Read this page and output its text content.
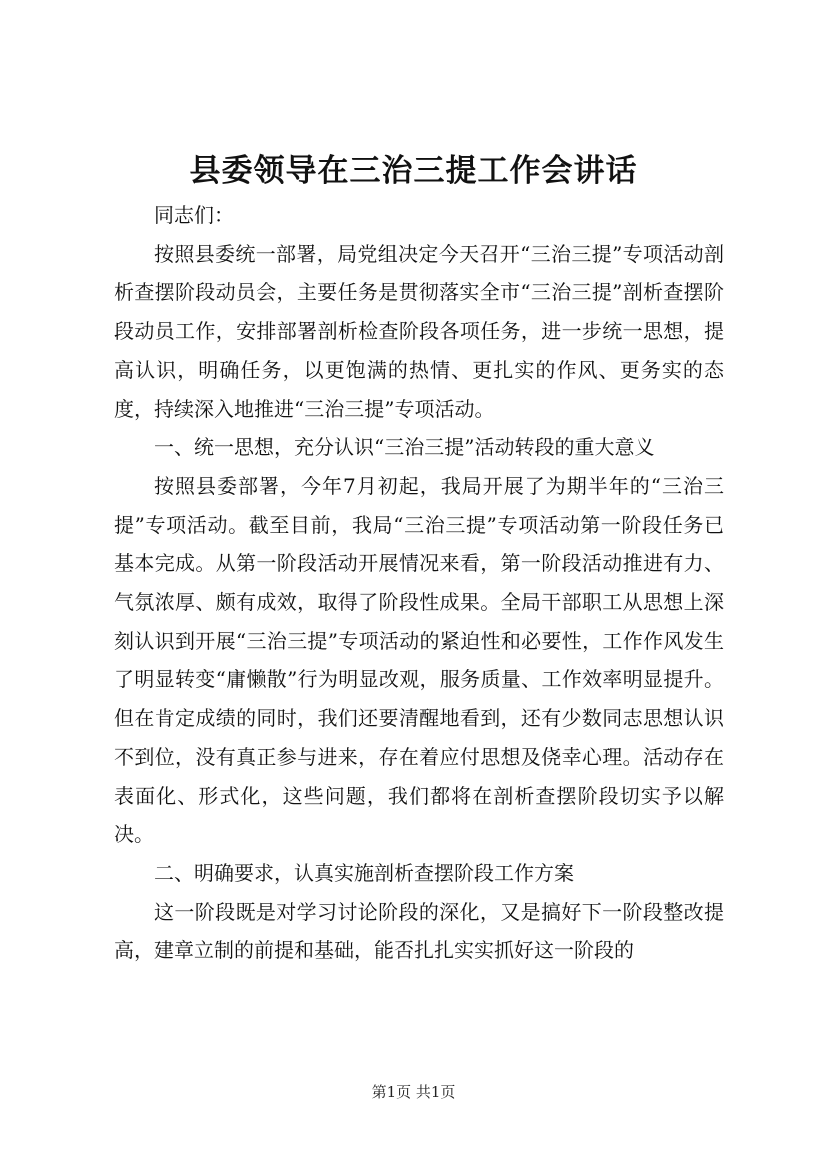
县委领导在三治三提工作会讲话

同志们：

按照县委统一部署，局党组决定今天召开“三治三提”专项活动剖析查摆阶段动员会，主要任务是贯彻落实全市“三治三提”剖析查摆阶段动员工作，安排部署剖析检查阶段各项任务，进一步统一思想，提高认识，明确任务，以更饱满的热情、更扎实的作风、更务实的态度，持续深入地推进“三治三提”专项活动。

一、统一思想，充分认识“三治三提”活动转段的重大意义

按照县委部署，今年7月初起，我局开展了为期半年的“三治三提”专项活动。截至目前，我局“三治三提”专项活动第一阶段任务已基本完成。从第一阶段活动开展情况来看，第一阶段活动推进有力、气氛浓厚、颇有成效，取得了阶段性成果。全局干部职工从思想上深刻认识到开展“三治三提”专项活动的紧迫性和必要性，工作作风发生了明显转变“庸懒散”行为明显改观，服务质量、工作效率明显提升。但在肯定成绩的同时，我们还要清醒地看到，还有少数同志思想认识不到位，没有真正参与进来，存在着应付思想及侥幸心理。活动存在表面化、形式化，这些问题，我们都将在剖析查摆阶段切实予以解决。

二、明确要求，认真实施剖析查摆阶段工作方案

这一阶段既是对学习讨论阶段的深化，又是搞好下一阶段整改提高，建章立制的前提和基础，能否扎扎实实抓好这一阶段的

第1页 共1页
